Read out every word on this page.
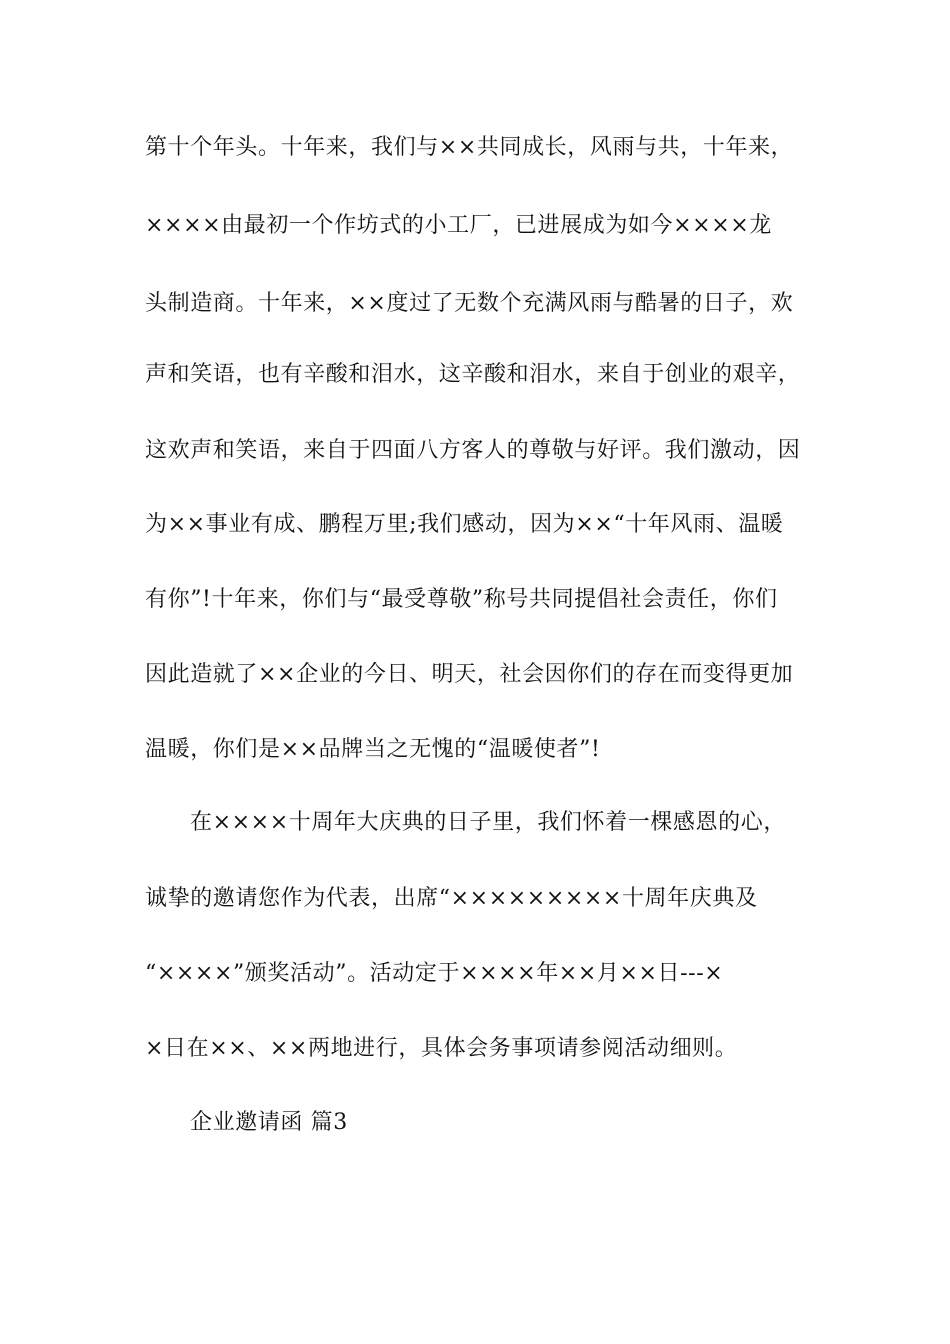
第十个年头。十年来，我们与××共同成长，风雨与共，十年来，
××××由最初一个作坊式的小工厂，已进展成为如今××××龙
头制造商。十年来，××度过了无数个充满风雨与酷暑的日子，欢
声和笑语，也有辛酸和泪水，这辛酸和泪水，来自于创业的艰辛，
这欢声和笑语，来自于四面八方客人的尊敬与好评。我们激动，因
为××事业有成、鹏程万里;我们感动，因为××“十年风雨、温暖
有你”!十年来，你们与“最受尊敬”称号共同提倡社会责任，你们
因此造就了××企业的今日、明天，社会因你们的存在而变得更加
温暖，你们是××品牌当之无愧的“温暖使者”!
在××××十周年大庆典的日子里，我们怀着一棵感恩的心，
诚挚的邀请您作为代表，出席“×××××××××十周年庆典及
“××××”颁奖活动”。活动定于××××年××月××日---×
×日在××、××两地进行，具体会务事项请参阅活动细则。
企业邀请函 篇3
